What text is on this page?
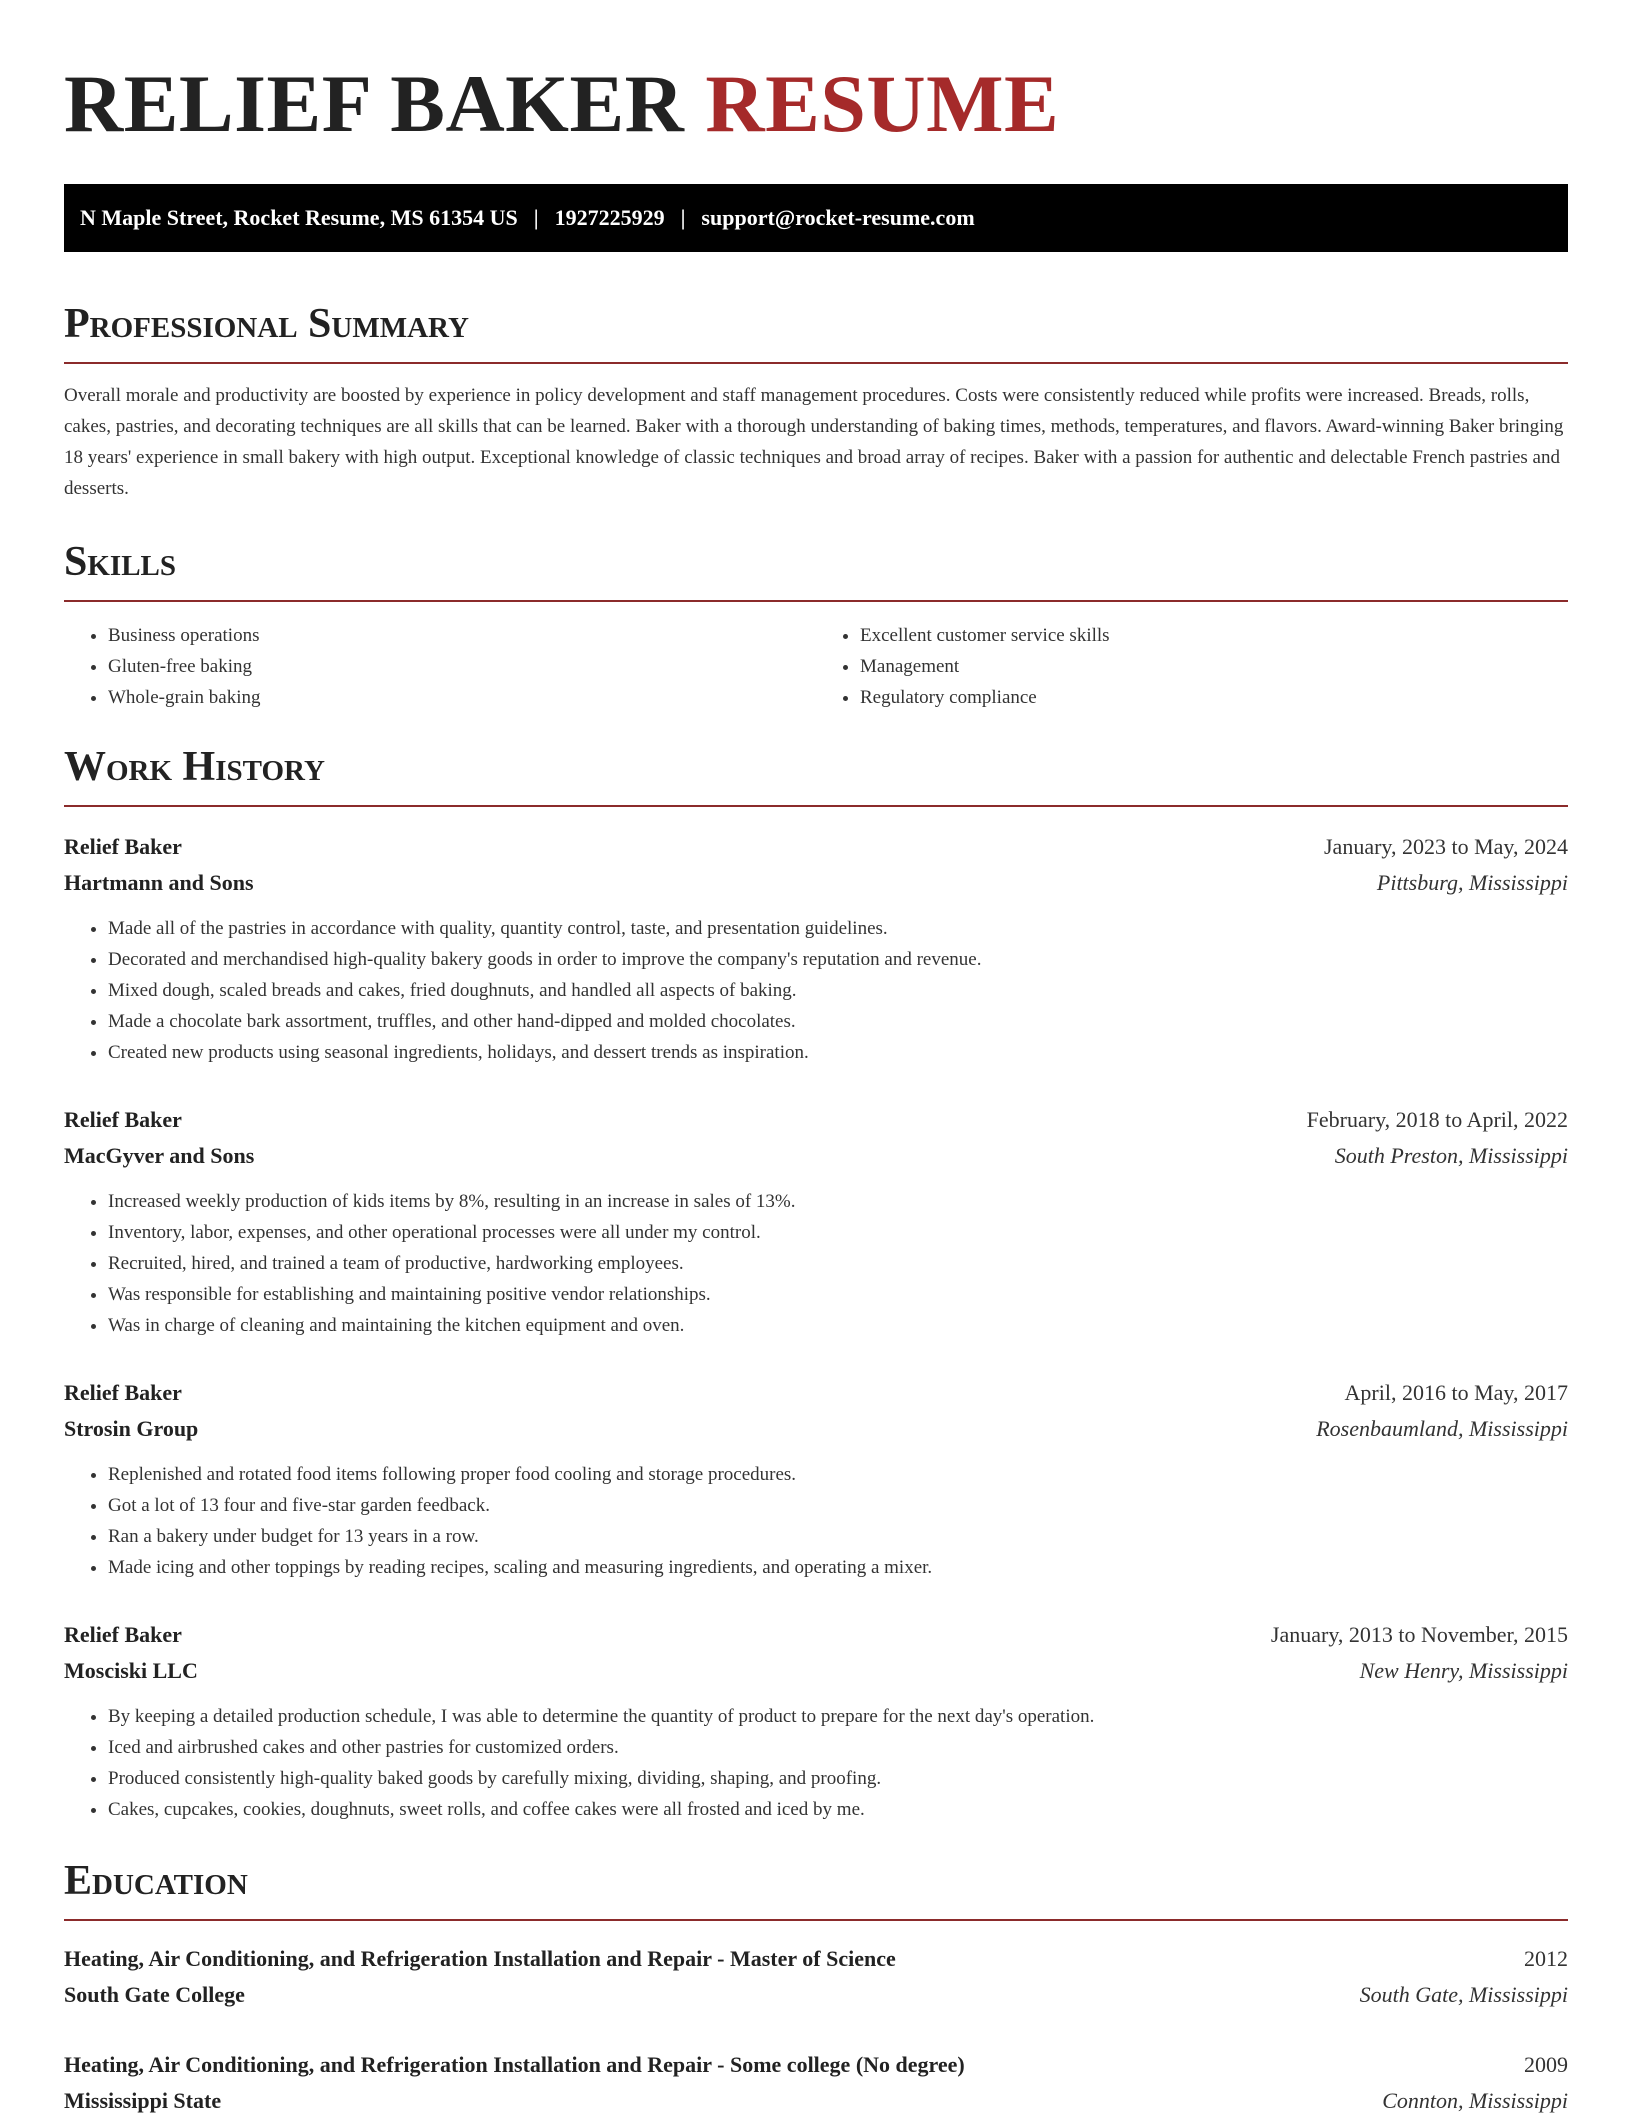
RELIEF BAKER RESUME
N Maple Street, Rocket Resume, MS 61354 US | 1927225929 | support@rocket-resume.com
Professional Summary

Overall morale and productivity are boosted by experience in policy development and staff management procedures. Costs were consistently reduced while profits were increased. Breads, rolls, cakes, pastries, and decorating techniques are all skills that can be learned. Baker with a thorough understanding of baking times, methods, temperatures, and flavors. Award-winning Baker bringing 18 years' experience in small bakery with high output. Exceptional knowledge of classic techniques and broad array of recipes. Baker with a passion for authentic and delectable French pastries and desserts.

Skills
• Business operations
• Gluten-free baking
• Whole-grain baking
• Excellent customer service skills
• Management
• Regulatory compliance
Work History
Relief Baker	January, 2023 to May, 2024
Hartmann and Sons	Pittsburg, Mississippi
• Made all of the pastries in accordance with quality, quantity control, taste, and presentation guidelines.
• Decorated and merchandised high-quality bakery goods in order to improve the company's reputation and revenue.
• Mixed dough, scaled breads and cakes, fried doughnuts, and handled all aspects of baking.
• Made a chocolate bark assortment, truffles, and other hand-dipped and molded chocolates.
• Created new products using seasonal ingredients, holidays, and dessert trends as inspiration.
Relief Baker	February, 2018 to April, 2022
MacGyver and Sons	South Preston, Mississippi
• Increased weekly production of kids items by 8%, resulting in an increase in sales of 13%.
• Inventory, labor, expenses, and other operational processes were all under my control.
• Recruited, hired, and trained a team of productive, hardworking employees.
• Was responsible for establishing and maintaining positive vendor relationships.
• Was in charge of cleaning and maintaining the kitchen equipment and oven.
Relief Baker	April, 2016 to May, 2017
Strosin Group	Rosenbaumland, Mississippi
• Replenished and rotated food items following proper food cooling and storage procedures.
• Got a lot of 13 four and five-star garden feedback.
• Ran a bakery under budget for 13 years in a row.
• Made icing and other toppings by reading recipes, scaling and measuring ingredients, and operating a mixer.
Relief Baker	January, 2013 to November, 2015
Mosciski LLC	New Henry, Mississippi
• By keeping a detailed production schedule, I was able to determine the quantity of product to prepare for the next day's operation.
• Iced and airbrushed cakes and other pastries for customized orders.
• Produced consistently high-quality baked goods by carefully mixing, dividing, shaping, and proofing.
• Cakes, cupcakes, cookies, doughnuts, sweet rolls, and coffee cakes were all frosted and iced by me.
Education
Heating, Air Conditioning, and Refrigeration Installation and Repair - Master of Science	2012
South Gate College	South Gate, Mississippi
Heating, Air Conditioning, and Refrigeration Installation and Repair - Some college (No degree)	2009
Mississippi State	Connton, Mississippi
